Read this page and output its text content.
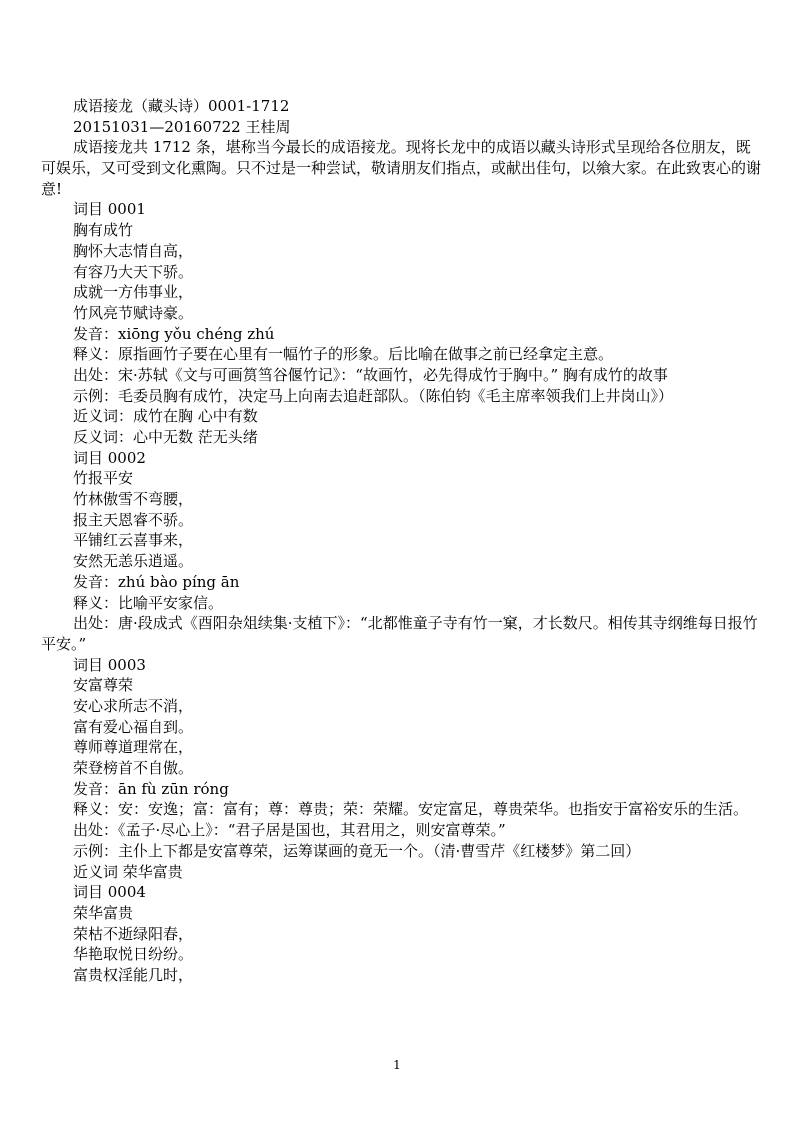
成语接龙（藏头诗）0001-1712

20151031—20160722 王桂周

成语接龙共 1712 条，堪称当今最长的成语接龙。现将长龙中的成语以藏头诗形式呈现给各位朋友，既可娱乐，又可受到文化熏陶。只不过是一种尝试，敬请朋友们指点，或献出佳句，以飨大家。在此致衷心的谢意!

词目 0001

胸有成竹

胸怀大志情自高，

有容乃大天下骄。

成就一方伟事业，

竹风亮节赋诗豪。

发音：xiōng yǒu chéng zhú

释义：原指画竹子要在心里有一幅竹子的形象。后比喻在做事之前已经拿定主意。

出处：宋·苏轼《文与可画筼筜谷偃竹记》：“故画竹，必先得成竹于胸中。” 胸有成竹的故事

示例：毛委员胸有成竹，决定马上向南去追赶部队。（陈伯钧《毛主席率领我们上井岗山》）

近义词：成竹在胸 心中有数

反义词：心中无数 茫无头绪

词目 0002

竹报平安

竹林傲雪不弯腰，

报主天恩睿不骄。

平铺红云喜事来，

安然无恙乐逍遥。

发音：zhú bào píng ān

释义：比喻平安家信。

出处：唐·段成式《酉阳杂俎续集·支植下》：“北都惟童子寺有竹一窠，才长数尺。相传其寺纲维每日报竹平安。”

词目 0003

安富尊荣

安心求所志不消，

富有爱心福自到。

尊师尊道理常在，

荣登榜首不自傲。

发音：ān fù zūn róng

释义：安：安逸；富：富有；尊：尊贵；荣：荣耀。安定富足，尊贵荣华。也指安于富裕安乐的生活。

出处：《孟子·尽心上》：“君子居是国也，其君用之，则安富尊荣。”

示例：主仆上下都是安富尊荣，运筹谋画的竟无一个。（清·曹雪芹《红楼梦》第二回）

近义词 荣华富贵

词目 0004

荣华富贵

荣枯不逝绿阳春，

华艳取悦日纷纷。

富贵权淫能几时，

1
